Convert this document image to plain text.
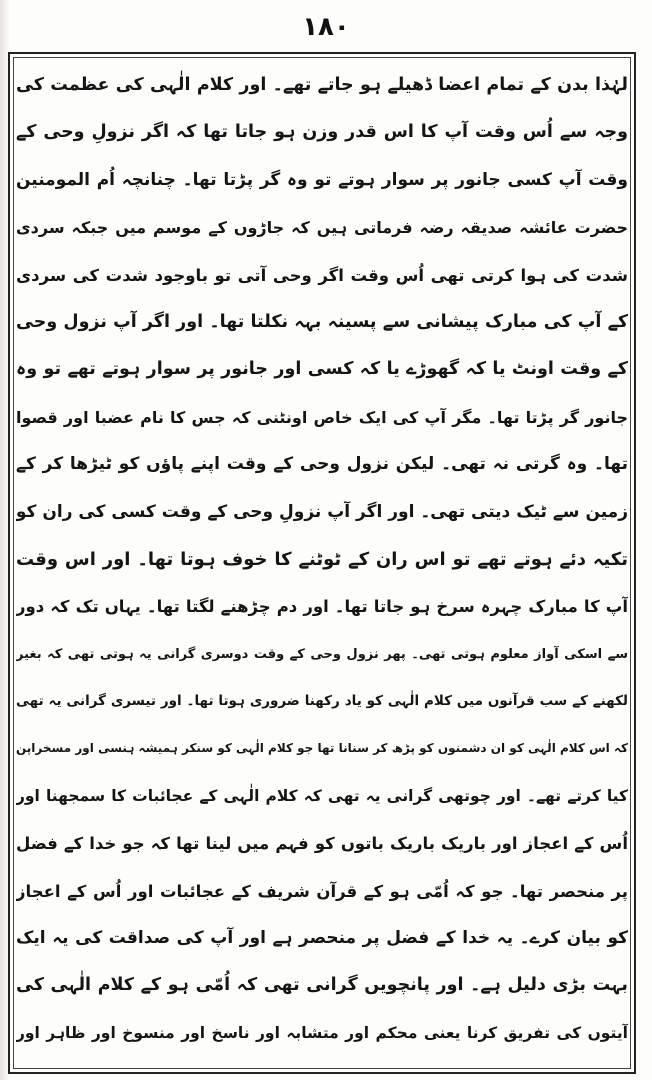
۱۸۰
لہٰذا بدن کے تمام اعضا ڈھیلے ہو جاتے تھے۔ اور کلام الٰہی کی عظمت کی
وجہ سے اُس وقت آپ کا اس قدر وزن ہو جاتا تھا کہ اگر نزولِ وحی کے
وقت آپ کسی جانور پر سوار ہوتے تو وہ گر پڑتا تھا۔ چنانچہ اُم المومنین
حضرت عائشہ صدیقہ رضہ فرماتی ہیں کہ جاڑوں کے موسم میں جبکہ سردی
شدت کی ہوا کرتی تھی اُس وقت اگر وحی آتی تو باوجود شدت کی سردی
کے آپ کی مبارک پیشانی سے پسینہ بہہ نکلتا تھا۔ اور اگر آپ نزول وحی
کے وقت اونٹ یا کہ گھوڑے یا کہ کسی اور جانور پر سوار ہوتے تھے تو وہ
جانور گر پڑتا تھا۔ مگر آپ کی ایک خاص اونٹنی کہ جس کا نام عضبا اور قصوا
تھا۔ وہ گرتی نہ تھی۔ لیکن نزول وحی کے وقت اپنے پاؤں کو ٹیڑھا کر کے
زمین سے ٹیک دیتی تھی۔ اور اگر آپ نزولِ وحی کے وقت کسی کی ران کو
تکیہ دئے ہوتے تھے تو اس ران کے ٹوٹنے کا خوف ہوتا تھا۔ اور اس وقت
آپ کا مبارک چہرہ سرخ ہو جاتا تھا۔ اور دم چڑھنے لگتا تھا۔ یہاں تک کہ دور
سے اسکی آواز معلوم ہوتی تھی۔ پھر نزول وحی کے وقت دوسری گرانی یہ ہوتی تھی کہ بغیر
لکھنے کے سب قرآنوں میں کلام الٰہی کو یاد رکھنا ضروری ہوتا تھا۔ اور تیسری گرانی یہ تھی
کہ اس کلام الٰہی کو ان دشمنوں کو پڑھ کر سنانا تھا جو کلام الٰہی کو سنکر ہمیشہ ہنسی اور مسخراپن
کیا کرتے تھے۔ اور چوتھی گرانی یہ تھی کہ کلام الٰہی کے عجائبات کا سمجھنا اور
اُس کے اعجاز اور باریک باریک باتوں کو فہم میں لینا تھا کہ جو خدا کے فضل
پر منحصر تھا۔ جو کہ اُمّی ہو کے قرآن شریف کے عجائبات اور اُس کے اعجاز
کو بیان کرے۔ یہ خدا کے فضل پر منحصر ہے اور آپ کی صداقت کی یہ ایک
بہت بڑی دلیل ہے۔ اور پانچویں گرانی تھی کہ اُمّی ہو کے کلام الٰہی کی
آیتوں کی تفریق کرنا یعنی محکم اور متشابہ اور ناسخ اور منسوخ اور ظاہر اور
